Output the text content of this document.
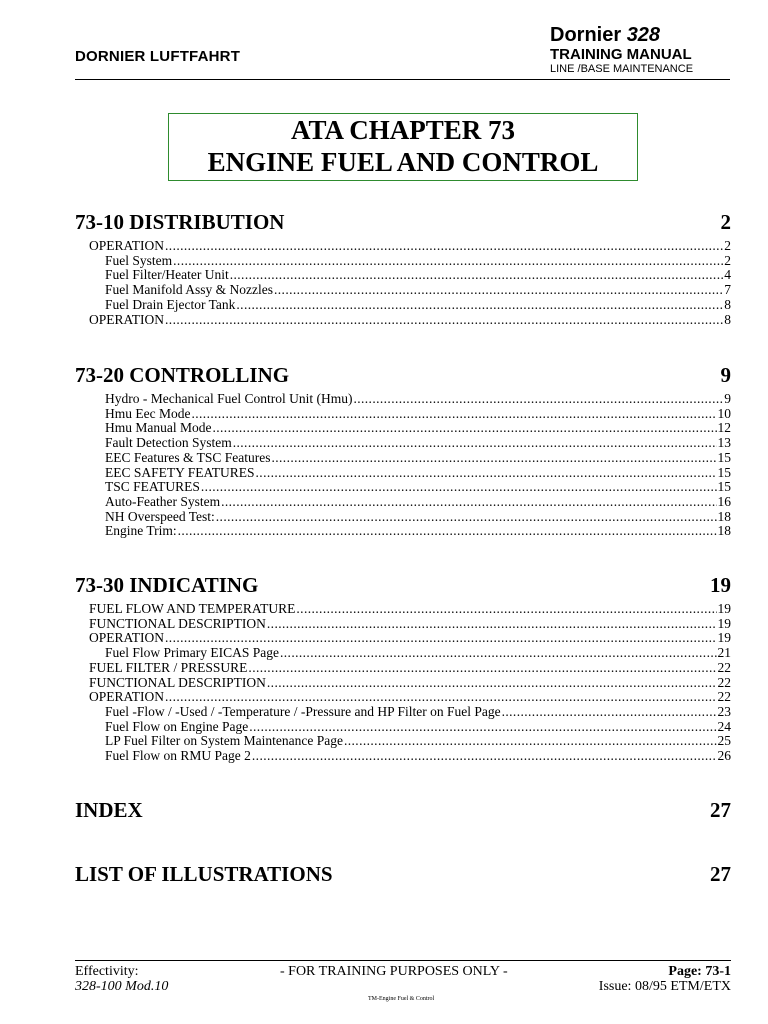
DORNIER LUFTFAHRT
Dornier 328
TRAINING MANUAL
LINE /BASE MAINTENANCE
ATA CHAPTER 73
ENGINE FUEL AND CONTROL
73-10 DISTRIBUTION	2
OPERATION .....	2
Fuel System .....	2
Fuel Filter/Heater Unit .....	4
Fuel Manifold Assy & Nozzles .....	7
Fuel Drain Ejector Tank .....	8
OPERATION .....	8
73-20 CONTROLLING	9
Hydro - Mechanical Fuel Control Unit (Hmu) .....	9
Hmu Eec Mode .....	10
Hmu Manual Mode .....	12
Fault Detection System .....	13
EEC Features & TSC Features .....	15
EEC SAFETY FEATURES .....	15
TSC FEATURES .....	15
Auto-Feather System .....	16
NH Overspeed Test: .....	18
Engine Trim: .....	18
73-30 INDICATING	19
FUEL FLOW AND TEMPERATURE .....	19
FUNCTIONAL DESCRIPTION .....	19
OPERATION .....	19
Fuel Flow Primary EICAS Page .....	21
FUEL FILTER / PRESSURE .....	22
FUNCTIONAL DESCRIPTION .....	22
OPERATION .....	22
Fuel -Flow / -Used / -Temperature / -Pressure and HP Filter on Fuel Page .....	23
Fuel Flow on Engine Page .....	24
LP Fuel Filter on System Maintenance Page .....	25
Fuel Flow on RMU Page 2 .....	26
INDEX	27
LIST OF ILLUSTRATIONS	27
Effectivity:
328-100 Mod.10
- FOR TRAINING PURPOSES ONLY -	Page: 73-1
Issue: 08/95 ETM/ETX
TM-Engine Fuel & Control
